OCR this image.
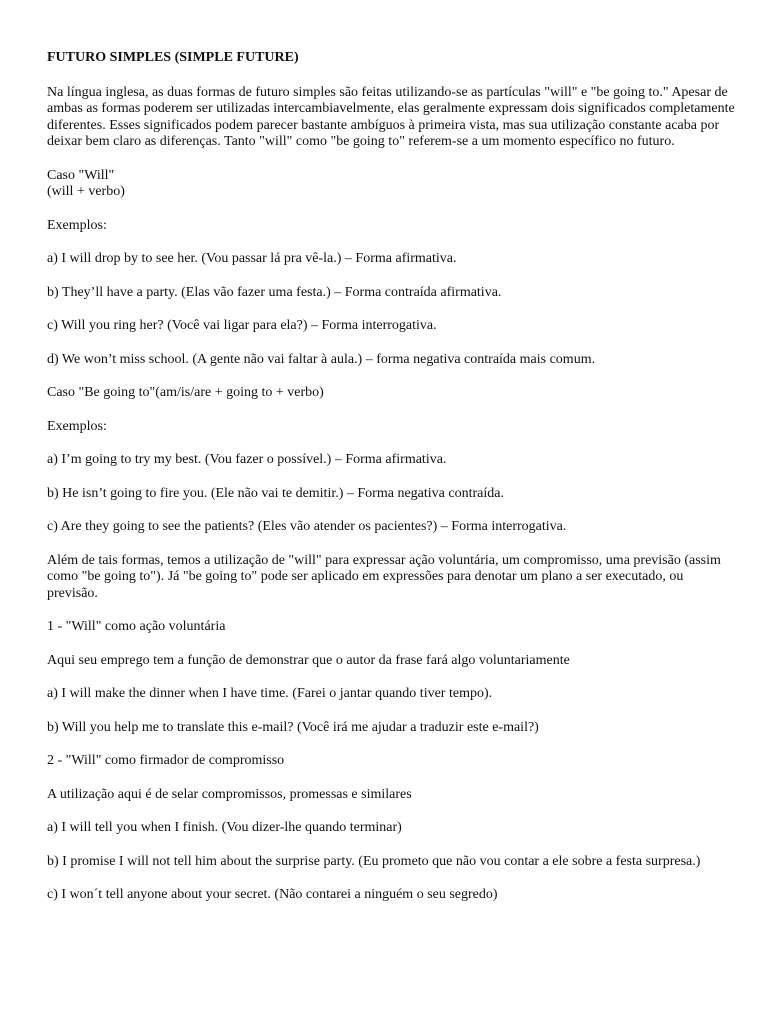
FUTURO SIMPLES (SIMPLE FUTURE)
Na língua inglesa, as duas formas de futuro simples são feitas utilizando-se as partículas "will" e "be going to." Apesar de ambas as formas poderem ser utilizadas intercambiavelmente, elas geralmente expressam dois significados completamente diferentes. Esses significados podem parecer bastante ambíguos à primeira vista, mas sua utilização constante acaba por deixar bem claro as diferenças. Tanto "will" como "be going to" referem-se a um momento específico no futuro.
Caso "Will"
(will + verbo)
Exemplos:
a) I will drop by to see her. (Vou passar lá pra vê-la.) – Forma afirmativa.
b) They’ll have a party. (Elas vão fazer uma festa.) – Forma contraída afirmativa.
c) Will you ring her? (Você vai ligar para ela?) – Forma interrogativa.
d) We won’t miss school. (A gente não vai faltar à aula.) – forma negativa contraída mais comum.
Caso "Be going to"(am/is/are + going to + verbo)
Exemplos:
a) I’m going to try my best. (Vou fazer o possível.) – Forma afirmativa.
b) He isn’t going to fire you. (Ele não vai te demitir.) – Forma negativa contraída.
c) Are they going to see the patients? (Eles vão atender os pacientes?) – Forma interrogativa.
Além de tais formas, temos a utilização de "will" para expressar ação voluntária, um compromisso, uma previsão (assim como "be going to"). Já "be going to" pode ser aplicado em expressões para denotar um plano a ser executado, ou previsão.
1 - "Will" como ação voluntária
Aqui seu emprego tem a função de demonstrar que o autor da frase fará algo voluntariamente
a) I will make the dinner when I have time. (Farei o jantar quando tiver tempo).
b) Will you help me to translate this e-mail? (Você irá me ajudar a traduzir este e-mail?)
2 - "Will" como firmador de compromisso
A utilização aqui é de selar compromissos, promessas e similares
a) I will tell you when I finish. (Vou dizer-lhe quando terminar)
b) I promise I will not tell him about the surprise party. (Eu prometo que não vou contar a ele sobre a festa surpresa.)
c) I won´t tell anyone about your secret. (Não contarei a ninguém o seu segredo)
